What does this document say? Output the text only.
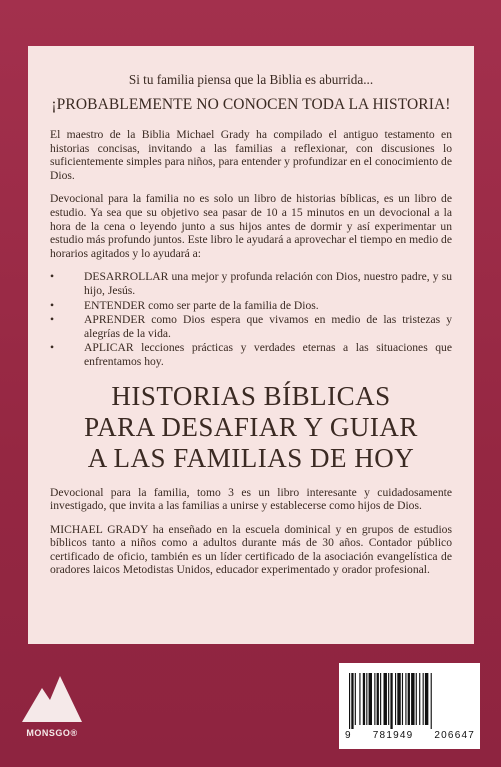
Si tu familia piensa que la Biblia es aburrida...

¡PROBABLEMENTE NO CONOCEN TODA LA HISTORIA!

El maestro de la Biblia Michael Grady ha compilado el antiguo testamento en historias concisas, invitando a las familias a reflexionar, con discusiones lo suficientemente simples para niños, para entender y profundizar en el conocimiento de Dios.

Devocional para la familia no es solo un libro de historias bíblicas, es un libro de estudio. Ya sea que su objetivo sea pasar de 10 a 15 minutos en un devocional a la hora de la cena o leyendo junto a sus hijos antes de dormir y así experimentar un estudio más profundo juntos. Este libro le ayudará a aprovechar el tiempo en medio de horarios agitados y lo ayudará a:

•	DESARROLLAR una mejor y profunda relación con Dios, nuestro padre, y su hijo, Jesús.
•	ENTENDER como ser parte de la familia de Dios.
•	APRENDER como Dios espera que vivamos en medio de las tristezas y alegrías de la vida.
•	APLICAR lecciones prácticas y verdades eternas a las situaciones que enfrentamos hoy.
HISTORIAS BÍBLICAS
PARA DESAFIAR Y GUIAR
A LAS FAMILIAS DE HOY

Devocional para la familia, tomo 3 es un libro interesante y cuidadosamente investigado, que invita a las familias a unirse y establecerse como hijos de Dios.

MICHAEL GRADY ha enseñado en la escuela dominical y en grupos de estudios bíblicos tanto a niños como a adultos durante más de 30 años. Contador público certificado de oficio, también es un líder certificado de la asociación evangelística de oradores laicos Metodistas Unidos, educador experimentado y orador profesional.

MONSGO®	9 781949 206647
